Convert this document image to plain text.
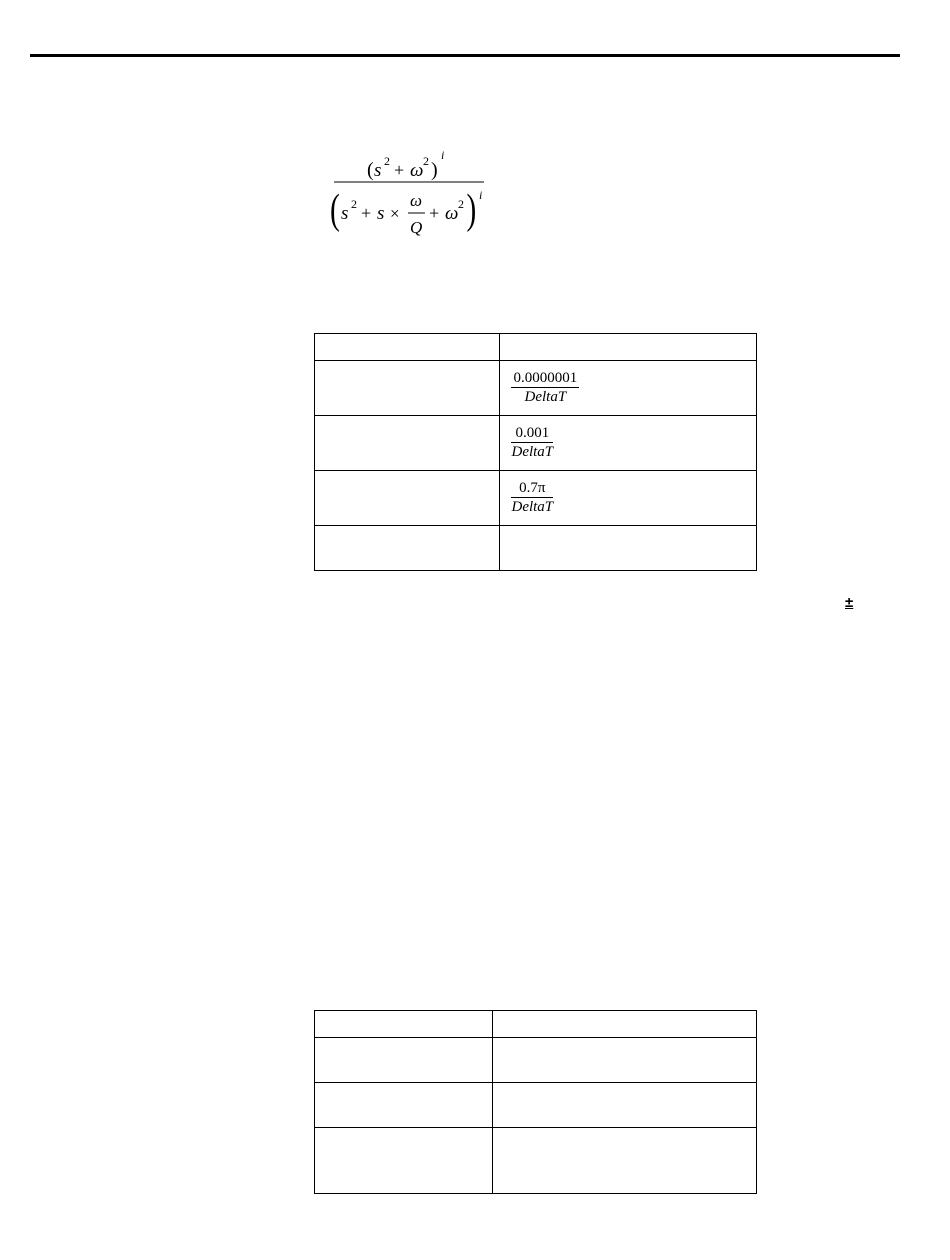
( s 2 + ω 2 )
i
( s 2 + s ×
ω
Q
+ ω 2 ) i

	$\frac{0.0000001}{\text{DeltaT}}$

	$\frac{0.001}{\text{DeltaT}}$

	$\frac{0.7\pi}{\text{DeltaT}}$

±
